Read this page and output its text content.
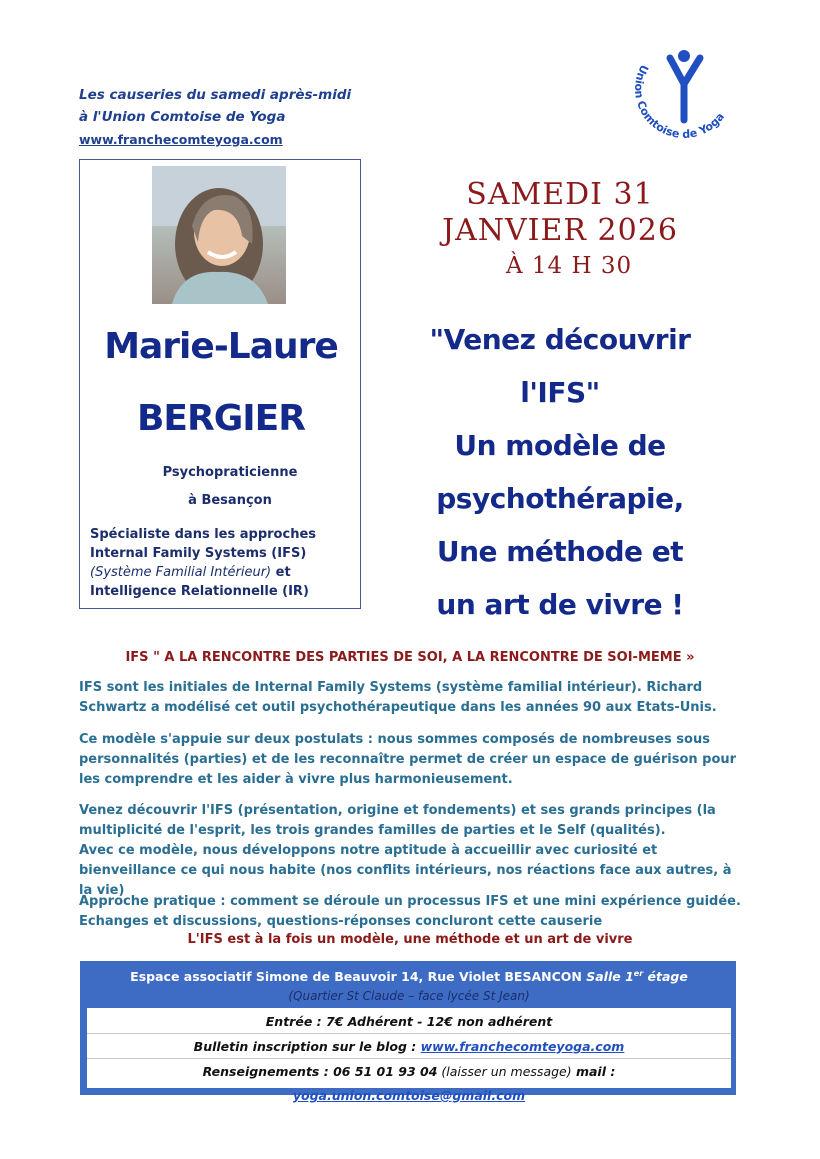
Les causeries du samedi après-midi
à l'Union Comtoise de Yoga
www.franchecomteyoga.com
Union Comtoise de Yoga
Marie-Laure
BERGIER
Psychopraticienne
à Besançon
Spécialiste dans les approches
Internal Family Systems (IFS)
(Système Familial Intérieur) et
Intelligence Relationnelle (IR)
SAMEDI 31
JANVIER 2026
À 14 H 30
"Venez découvrir
l'IFS"
Un modèle de
psychothérapie,
Une méthode et
un art de vivre !
IFS " A LA RENCONTRE DES PARTIES DE SOI, A LA RENCONTRE DE SOI-MEME »
IFS sont les initiales de Internal Family Systems (système familial intérieur). Richard Schwartz a modélisé cet outil psychothérapeutique dans les années 90 aux Etats-Unis.
Ce modèle s'appuie sur deux postulats : nous sommes composés de nombreuses sous personnalités (parties) et de les reconnaître permet de créer un espace de guérison pour les comprendre et les aider à vivre plus harmonieusement.
Venez découvrir l'IFS (présentation, origine et fondements) et ses grands principes (la multiplicité de l'esprit, les trois grandes familles de parties et le Self (qualités).
Avec ce modèle, nous développons notre aptitude à accueillir avec curiosité et bienveillance ce qui nous habite (nos conflits intérieurs, nos réactions face aux autres, à la vie)
Approche pratique : comment se déroule un processus IFS et une mini expérience guidée.
Echanges et discussions, questions-réponses concluront cette causerie
L'IFS est à la fois un modèle, une méthode et un art de vivre
Espace associatif Simone de Beauvoir 14, Rue Violet BESANCON Salle 1er étage
(Quartier St Claude – face lycée St Jean)
Entrée : 7€ Adhérent - 12€ non adhérent
Bulletin inscription sur le blog : www.franchecomteyoga.com
Renseignements : 06 51 01 93 04 (laisser un message) mail : yoga.union.comtoise@gmail.com
